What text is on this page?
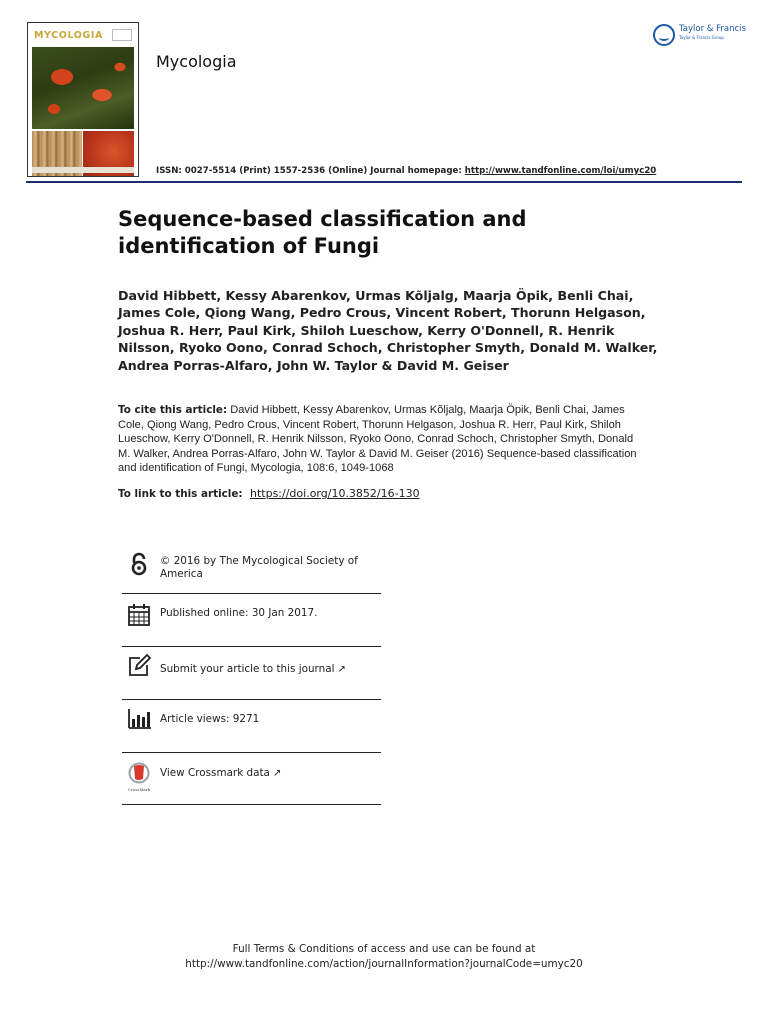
MYCOLOGIA
Mycologia
Taylor & Francis
Taylor & Francis Group
ISSN: 0027-5514 (Print) 1557-2536 (Online) Journal homepage: http://www.tandfonline.com/loi/umyc20
Sequence-based classification and identification of Fungi
David Hibbett, Kessy Abarenkov, Urmas Kõljalg, Maarja Öpik, Benli Chai, James Cole, Qiong Wang, Pedro Crous, Vincent Robert, Thorunn Helgason, Joshua R. Herr, Paul Kirk, Shiloh Lueschow, Kerry O'Donnell, R. Henrik Nilsson, Ryoko Oono, Conrad Schoch, Christopher Smyth, Donald M. Walker, Andrea Porras-Alfaro, John W. Taylor & David M. Geiser

To cite this article: David Hibbett, Kessy Abarenkov, Urmas Kõljalg, Maarja Öpik, Benli Chai, James Cole, Qiong Wang, Pedro Crous, Vincent Robert, Thorunn Helgason, Joshua R. Herr, Paul Kirk, Shiloh Lueschow, Kerry O'Donnell, R. Henrik Nilsson, Ryoko Oono, Conrad Schoch, Christopher Smyth, Donald M. Walker, Andrea Porras-Alfaro, John W. Taylor & David M. Geiser (2016) Sequence-based classification and identification of Fungi, Mycologia, 108:6, 1049-1068

To link to this article: https://doi.org/10.3852/16-130

© 2016 by The Mycological Society of America
Published online: 30 Jan 2017.
Submit your article to this journal ↗
Article views: 9271
CrossMark
View Crossmark data ↗
Full Terms & Conditions of access and use can be found at
http://www.tandfonline.com/action/journalInformation?journalCode=umyc20
